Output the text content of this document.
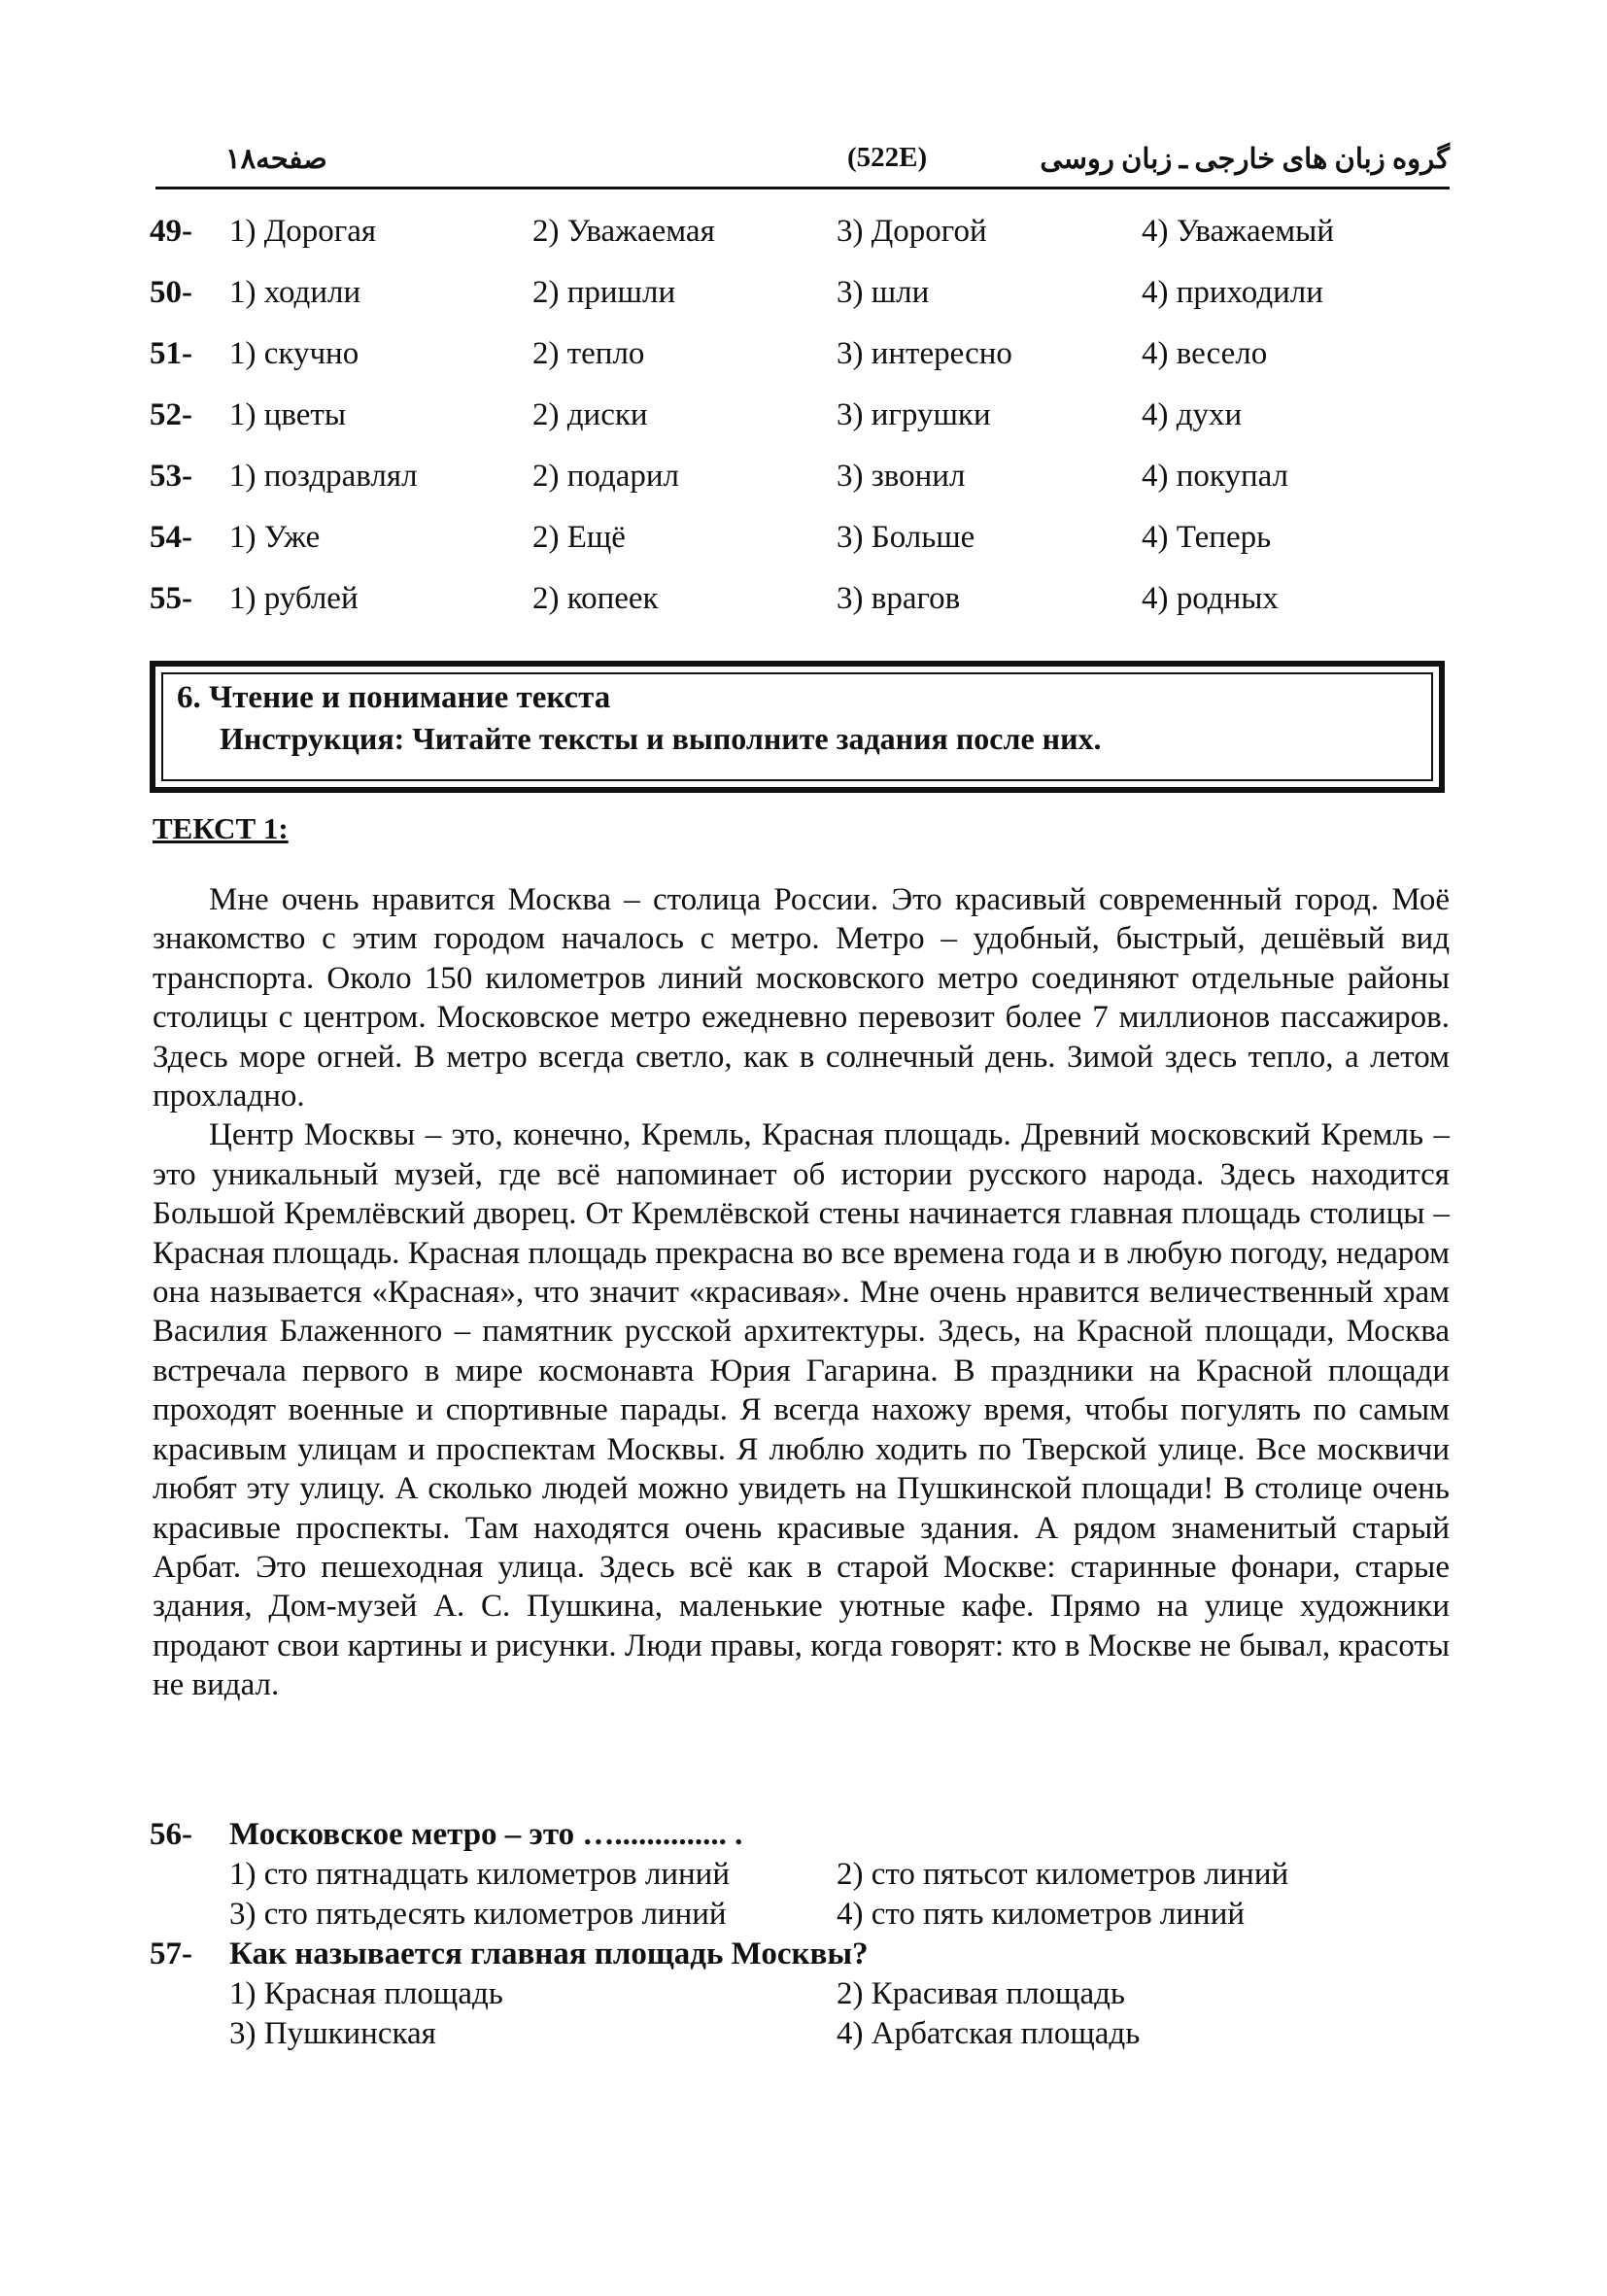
صفحه۱۸	(522E)	گروه زبان های خارجی ـ زبان روسی
49- 1) Дорогая	2) Уважаемая	3) Дорогой	4) Уважаемый
50- 1) ходили	2) пришли	3) шли	4) приходили
51- 1) скучно	2) тепло	3) интересно	4) весело
52- 1) цветы	2) диски	3) игрушки	4) духи
53- 1) поздравлял	2) подарил	3) звонил	4) покупал
54- 1) Уже	2) Ещё	3) Больше	4) Теперь
55- 1) рублей	2) копеек	3) врагов	4) родных
6. Чтение и понимание текста
Инструкция: Читайте тексты и выполните задания после них.
ТЕКСТ 1:

Мне очень нравится Москва – столица России. Это красивый современный город. Моё знакомство с этим городом началось с метро. Метро – удобный, быстрый, дешёвый вид транспорта. Около 150 километров линий московского метро соединяют отдельные районы столицы с центром. Московское метро ежедневно перевозит более 7 миллионов пассажиров. Здесь море огней. В метро всегда светло, как в солнечный день. Зимой здесь тепло, а летом прохладно.

Центр Москвы – это, конечно, Кремль, Красная площадь. Древний московский Кремль – это уникальный музей, где всё напоминает об истории русского народа. Здесь находится Большой Кремлёвский дворец. От Кремлёвской стены начинается главная площадь столицы – Красная площадь. Красная площадь прекрасна во все времена года и в любую погоду, недаром она называется «Красная», что значит «красивая». Мне очень нравится величественный храм Василия Блаженного – памятник русской архитектуры. Здесь, на Красной площади, Москва встречала первого в мире космонавта Юрия Гагарина. В праздники на Красной площади проходят военные и спортивные парады. Я всегда нахожу время, чтобы погулять по самым красивым улицам и проспектам Москвы. Я люблю ходить по Тверской улице. Все москвичи любят эту улицу. А сколько людей можно увидеть на Пушкинской площади! В столице очень красивые проспекты. Там находятся очень красивые здания. А рядом знаменитый старый Арбат. Это пешеходная улица. Здесь всё как в старой Москве: старинные фонари, старые здания, Дом-музей А. С. Пушкина, маленькие уютные кафе. Прямо на улице художники продают свои картины и рисунки. Люди правы, когда говорят: кто в Москве не бывал, красоты не видал.

56- Московское метро – это ….............. .
1) сто пятнадцать километров линий	2) сто пятьсот километров линий
3) сто пятьдесять километров линий	4) сто пять километров линий
57- Как называется главная площадь Москвы?
1) Красная площадь	2) Красивая площадь
3) Пушкинская	4) Арбатская площадь
